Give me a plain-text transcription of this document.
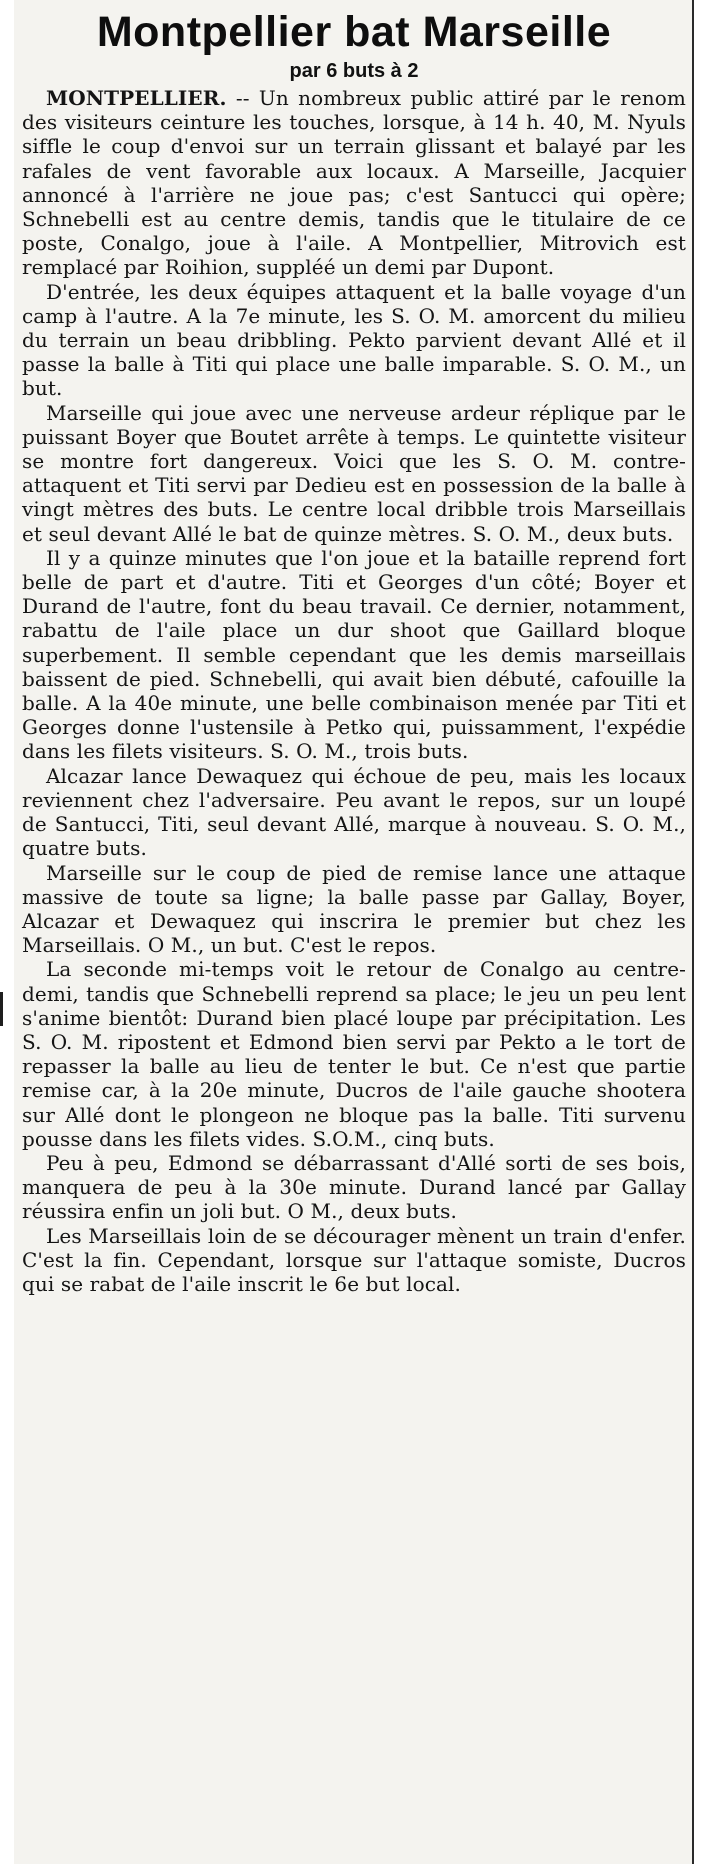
Montpellier bat Marseille
par 6 buts à 2

MONTPELLIER. -- Un nombreux public attiré par le renom des visiteurs ceinture les touches, lorsque, à 14 h. 40, M. Nyuls siffle le coup d'envoi sur un terrain glissant et balayé par les rafales de vent favorable aux locaux. A Marseille, Jacquier annoncé à l'arrière ne joue pas; c'est Santucci qui opère; Schnebelli est au centre demis, tandis que le titulaire de ce poste, Conalgo, joue à l'aile. A Montpellier, Mitrovich est remplacé par Roihion, suppléé un demi par Dupont.

D'entrée, les deux équipes attaquent et la balle voyage d'un camp à l'autre. A la 7e minute, les S. O. M. amorcent du milieu du terrain un beau dribbling. Pekto parvient devant Allé et il passe la balle à Titi qui place une balle imparable. S. O. M., un but.

Marseille qui joue avec une nerveuse ardeur réplique par le puissant Boyer que Boutet arrête à temps. Le quintette visiteur se montre fort dangereux. Voici que les S. O. M. contre-attaquent et Titi servi par Dedieu est en possession de la balle à vingt mètres des buts. Le centre local dribble trois Marseillais et seul devant Allé le bat de quinze mètres. S. O. M., deux buts.

Il y a quinze minutes que l'on joue et la bataille reprend fort belle de part et d'autre. Titi et Georges d'un côté; Boyer et Durand de l'autre, font du beau travail. Ce dernier, notamment, rabattu de l'aile place un dur shoot que Gaillard bloque superbement. Il semble cependant que les demis marseillais baissent de pied. Schnebelli, qui avait bien débuté, cafouille la balle. A la 40e minute, une belle combinaison menée par Titi et Georges donne l'ustensile à Petko qui, puissamment, l'expédie dans les filets visiteurs. S. O. M., trois buts.

Alcazar lance Dewaquez qui échoue de peu, mais les locaux reviennent chez l'adversaire. Peu avant le repos, sur un loupé de Santucci, Titi, seul devant Allé, marque à nouveau. S. O. M., quatre buts.

Marseille sur le coup de pied de remise lance une attaque massive de toute sa ligne; la balle passe par Gallay, Boyer, Alcazar et Dewaquez qui inscrira le premier but chez les Marseillais. O M., un but. C'est le repos.

La seconde mi-temps voit le retour de Conalgo au centre-demi, tandis que Schnebelli reprend sa place; le jeu un peu lent s'anime bientôt: Durand bien placé loupe par précipitation. Les S. O. M. ripostent et Edmond bien servi par Pekto a le tort de repasser la balle au lieu de tenter le but. Ce n'est que partie remise car, à la 20e minute, Ducros de l'aile gauche shootera sur Allé dont le plongeon ne bloque pas la balle. Titi survenu pousse dans les filets vides. S.O.M., cinq buts.

Peu à peu, Edmond se débarrassant d'Allé sorti de ses bois, manquera de peu à la 30e minute. Durand lancé par Gallay réussira enfin un joli but. O M., deux buts.

Les Marseillais loin de se décourager mènent un train d'enfer. C'est la fin. Cependant, lorsque sur l'attaque somiste, Ducros qui se rabat de l'aile inscrit le 6e but local.
